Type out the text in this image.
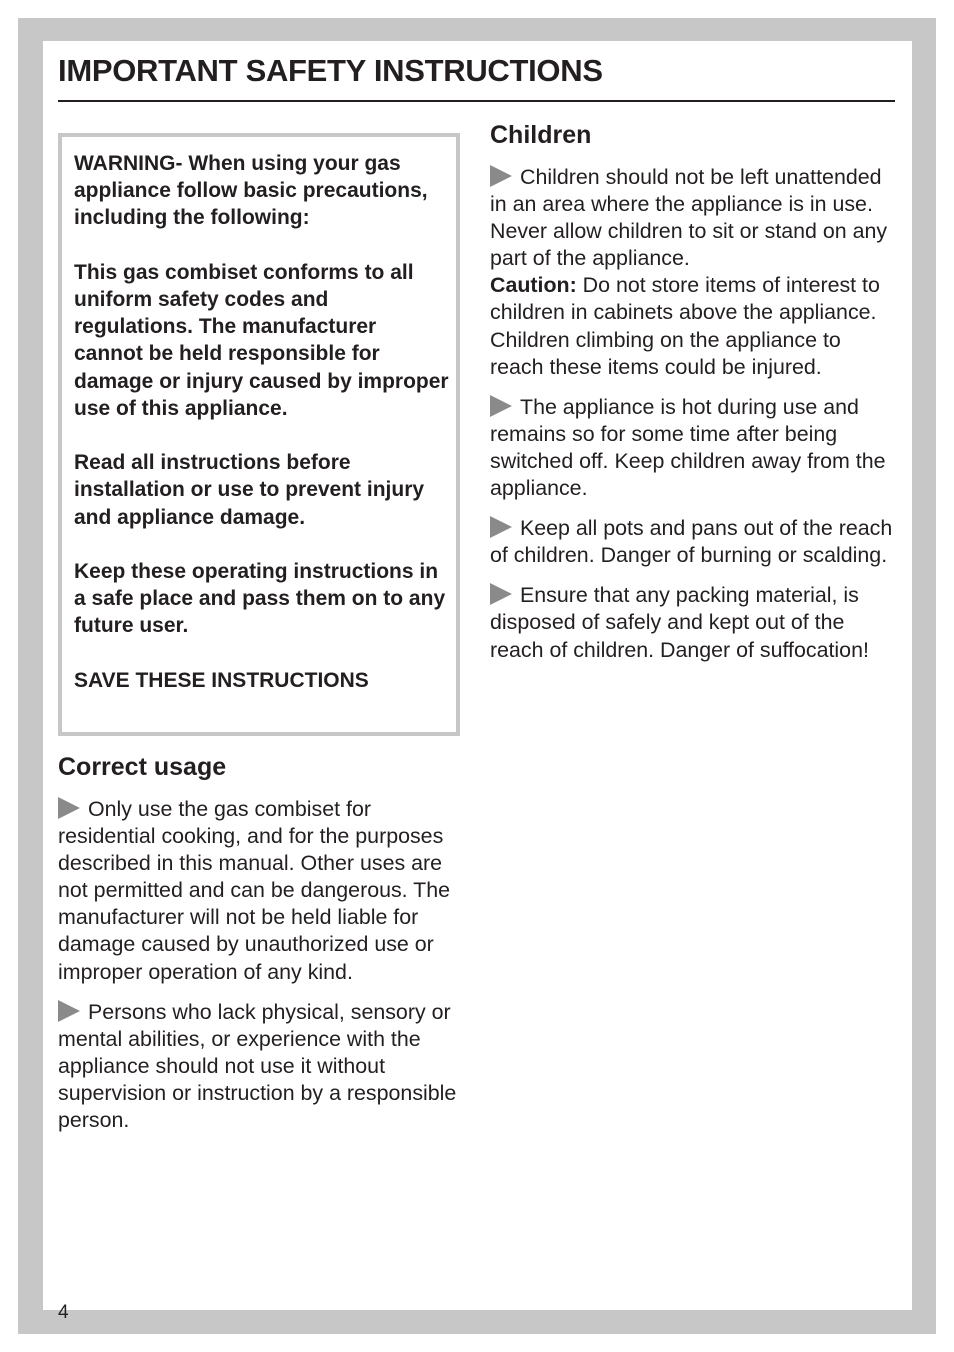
IMPORTANT SAFETY INSTRUCTIONS

WARNING- When using your gas appliance follow basic precautions, including the following:

This gas combiset conforms to all uniform safety codes and regulations. The manufacturer cannot be held responsible for damage or injury caused by improper use of this appliance.

Read all instructions before installation or use to prevent injury and appliance damage.

Keep these operating instructions in a safe place and pass them on to any future user.

SAVE THESE INSTRUCTIONS

Correct usage

Only use the gas combiset for residential cooking, and for the purposes described in this manual. Other uses are not permitted and can be dangerous. The manufacturer will not be held liable for damage caused by unauthorized use or improper operation of any kind.

Persons who lack physical, sensory or mental abilities, or experience with the appliance should not use it without supervision or instruction by a responsible person.

Children

Children should not be left unattended in an area where the appliance is in use. Never allow children to sit or stand on any part of the appliance.
Caution: Do not store items of interest to children in cabinets above the appliance. Children climbing on the appliance to reach these items could be injured.

The appliance is hot during use and remains so for some time after being switched off. Keep children away from the appliance.

Keep all pots and pans out of the reach of children. Danger of burning or scalding.

Ensure that any packing material, is disposed of safely and kept out of the reach of children. Danger of suffocation!

4
